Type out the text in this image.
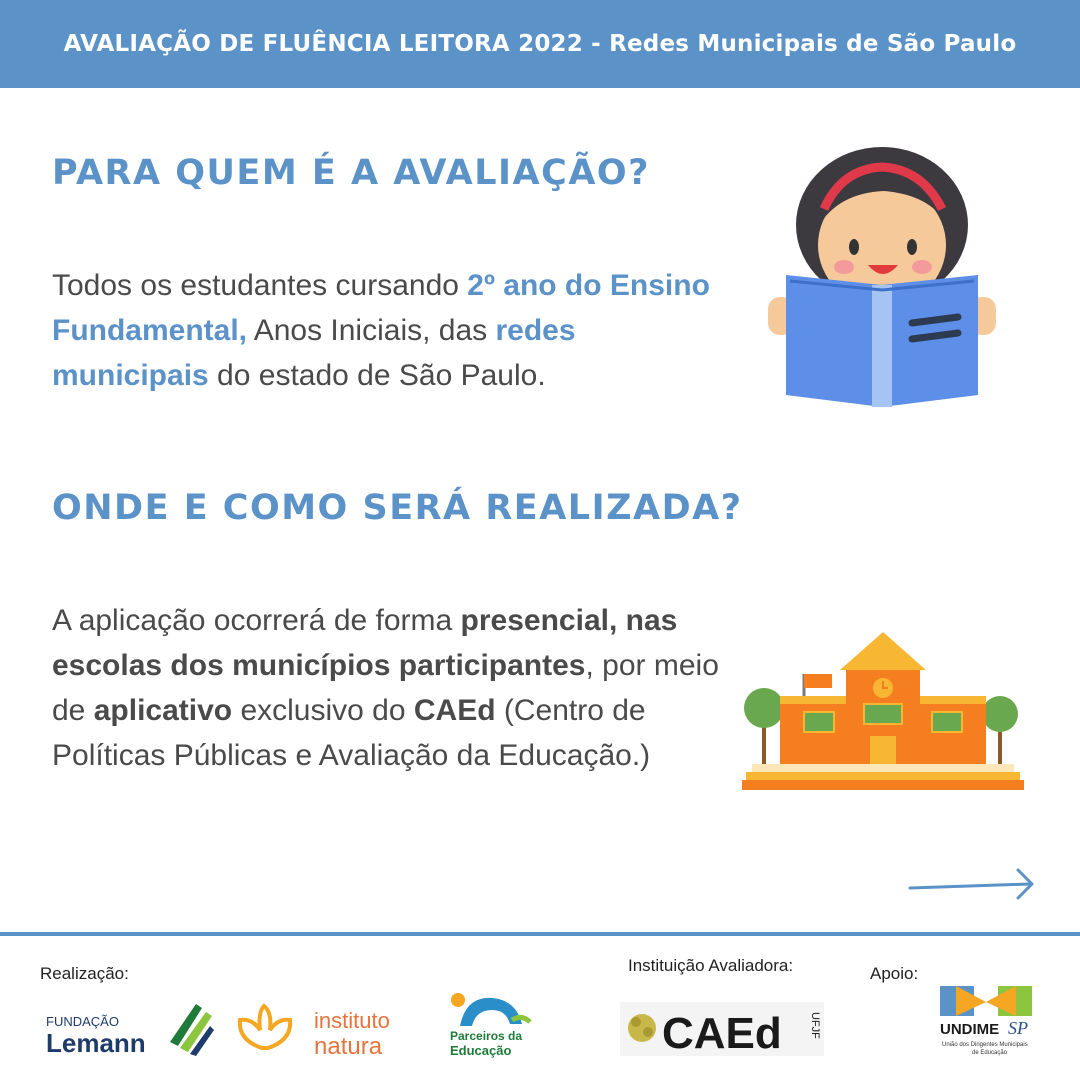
AVALIAÇÃO DE FLUÊNCIA LEITORA 2022 - Redes Municipais de São Paulo
PARA QUEM É A AVALIAÇÃO?

Todos os estudantes cursando 2º ano do Ensino Fundamental, Anos Iniciais, das redes municipais do estado de São Paulo.

ONDE E COMO SERÁ REALIZADA?

A aplicação ocorrerá de forma presencial, nas escolas dos municípios participantes, por meio de aplicativo exclusivo do CAEd (Centro de Políticas Públicas e Avaliação da Educação.)

Realização:	Instituição Avaliadora:	Apoio:
FUNDAÇÃO
Lemann
instituto
natura	Parceiros da
Educação	CAEd UFJF	UNDIME SP
União dos Dirigentes Municipais
de Educação
